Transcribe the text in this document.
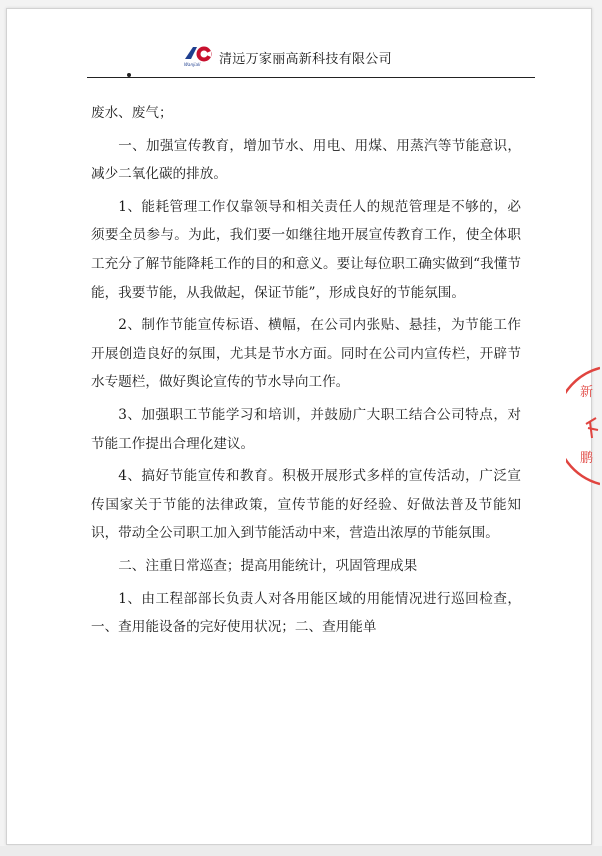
Wanjiali 清远万家丽高新科技有限公司

废水、废气；

一、加强宣传教育，增加节水、用电、用煤、用蒸汽等节能意识，减少二氧化碳的排放。

1、能耗管理工作仅靠领导和相关责任人的规范管理是不够的，必须要全员参与。为此，我们要一如继往地开展宣传教育工作，使全体职工充分了解节能降耗工作的目的和意义。要让每位职工确实做到“我懂节能，我要节能，从我做起，保证节能”，形成良好的节能氛围。

2、制作节能宣传标语、横幅，在公司内张贴、悬挂，为节能工作开展创造良好的氛围，尤其是节水方面。同时在公司内宣传栏，开辟节水专题栏，做好舆论宣传的节水导向工作。

3、加强职工节能学习和培训，并鼓励广大职工结合公司特点，对节能工作提出合理化建议。

4、搞好节能宣传和教育。积极开展形式多样的宣传活动，广泛宣传国家关于节能的法律政策，宣传节能的好经验、好做法普及节能知识，带动全公司职工加入到节能活动中来，营造出浓厚的节能氛围。

二、注重日常巡查；提高用能统计，巩固管理成果

1、由工程部部长负责人对各用能区域的用能情况进行巡回检查，一、查用能设备的完好使用状况；二、查用能单

新
鹏
